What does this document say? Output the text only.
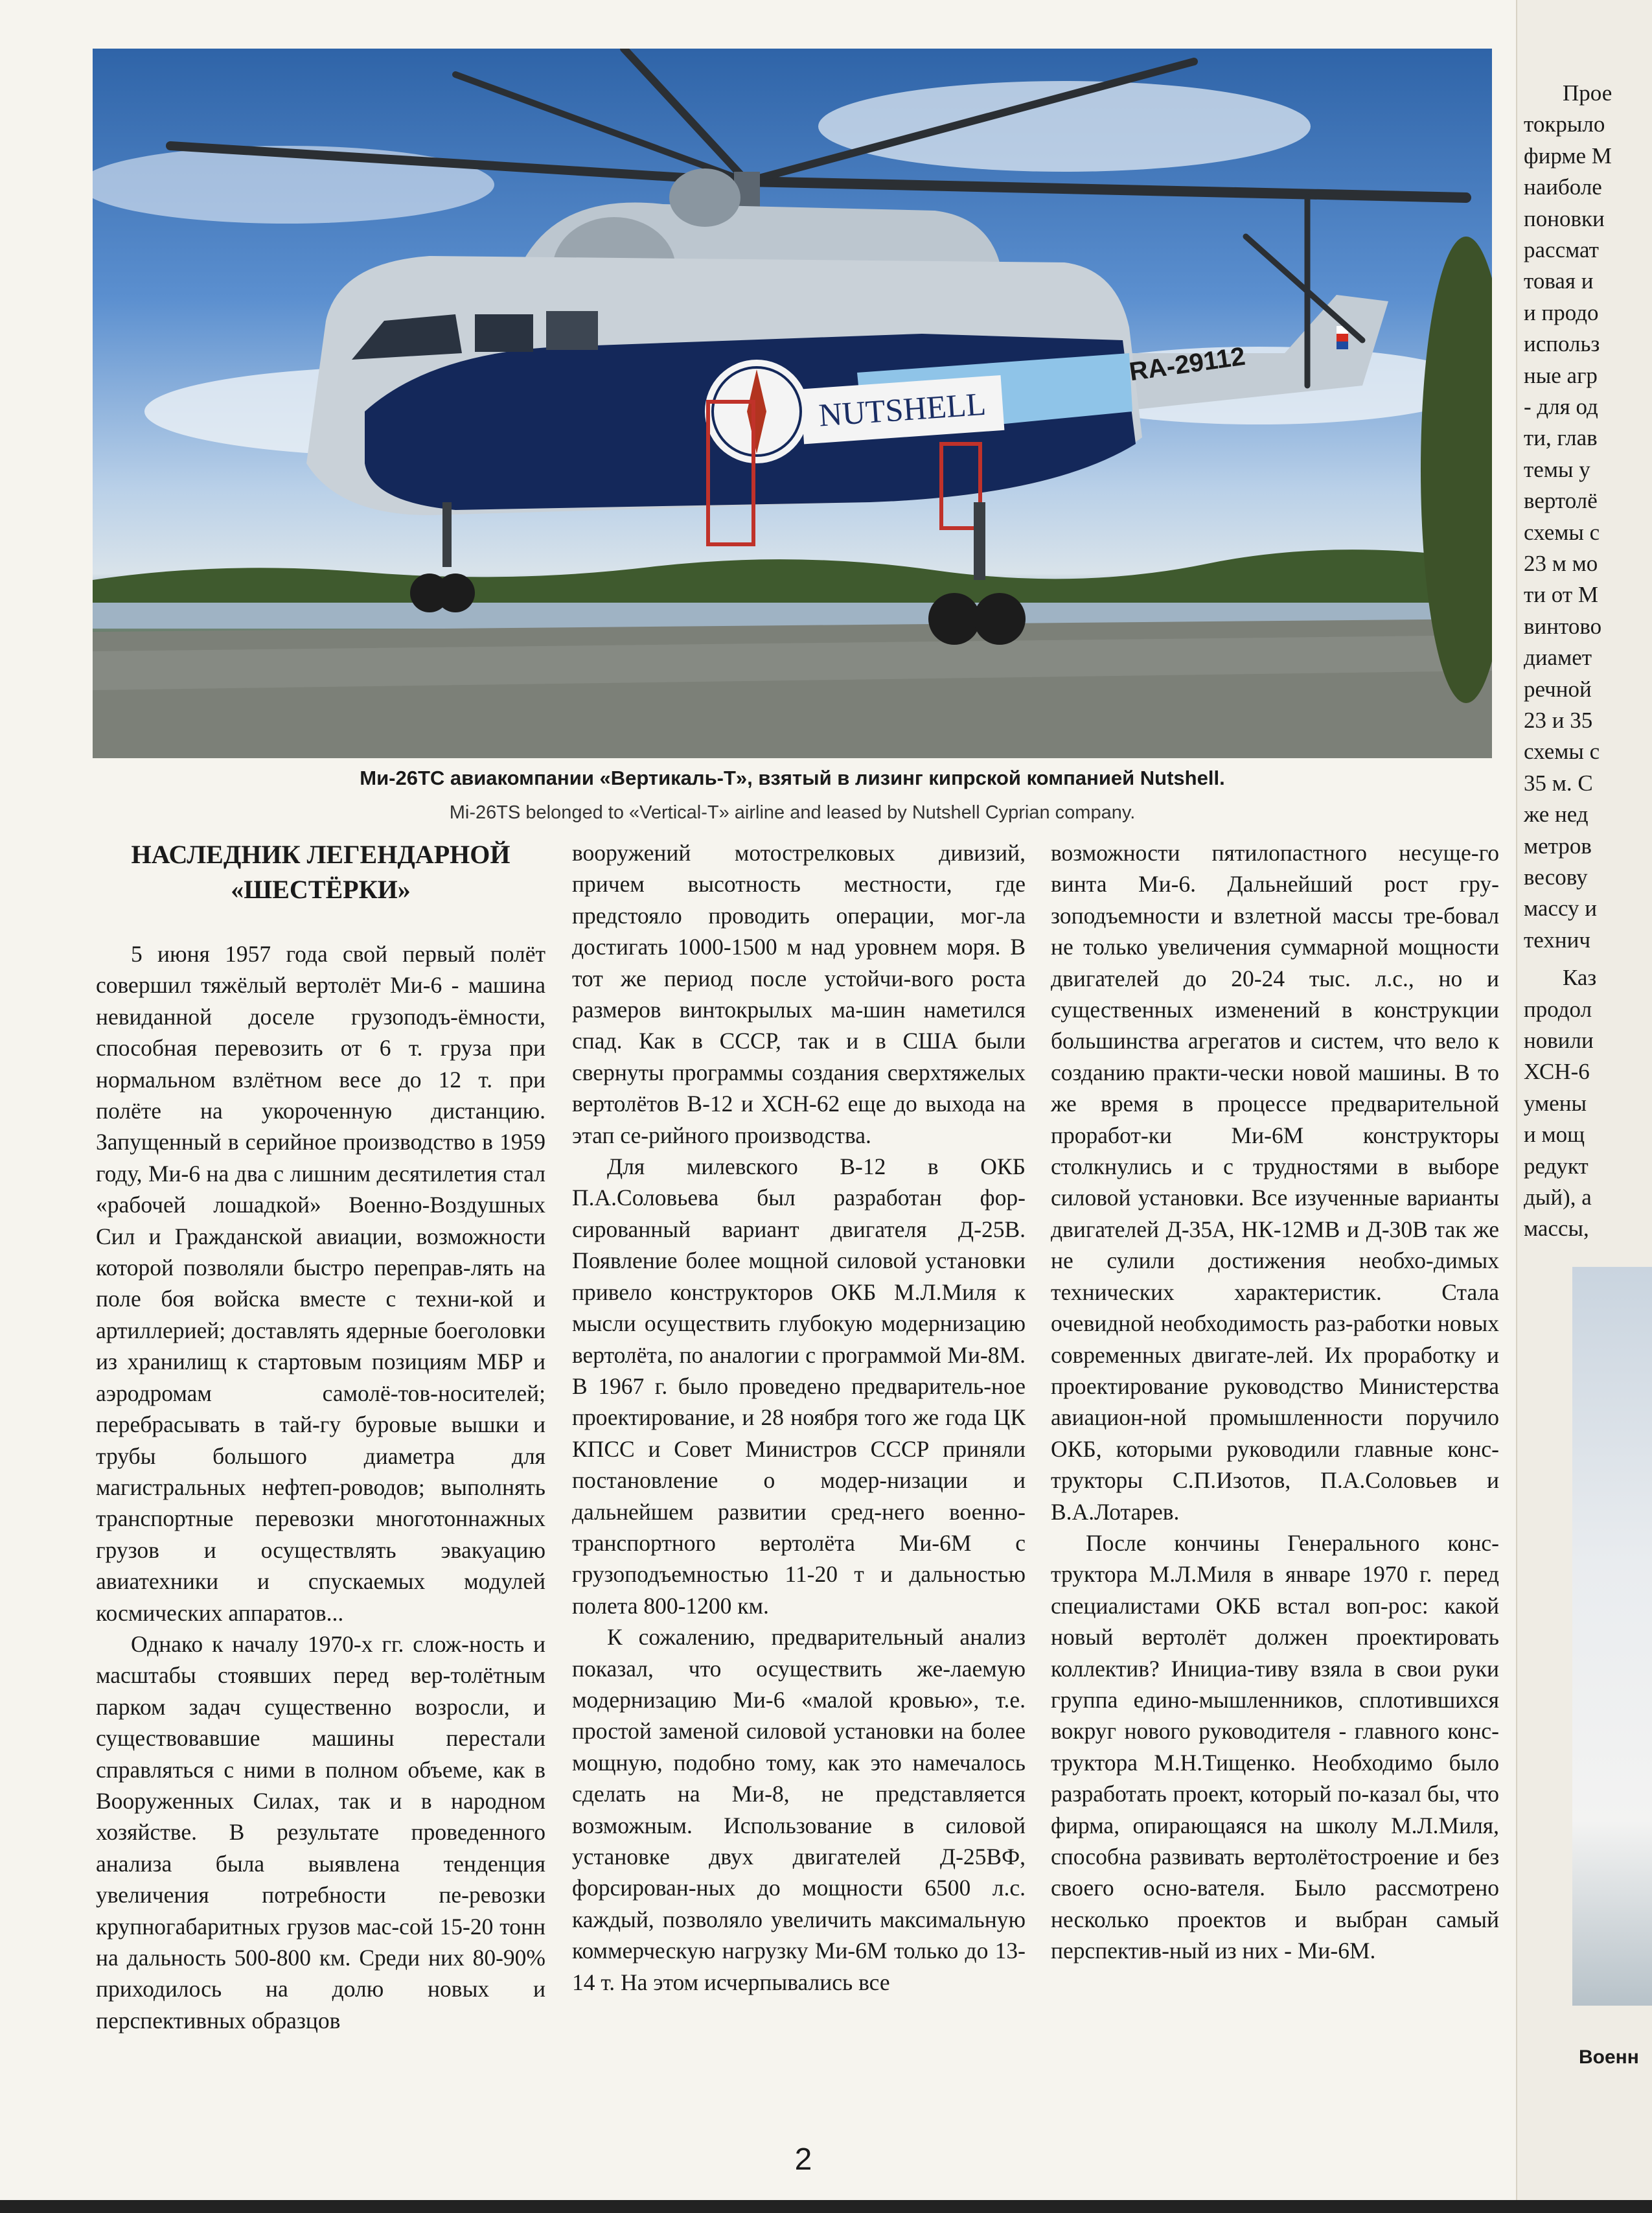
NUTSHELL
RA-29112
Ми-26ТС авиакомпании «Вертикаль-Т», взятый в лизинг кипрской компанией Nutshell.
Mi-26TS belonged to «Vertical-T» airline and leased by Nutshell Cyprian company.
НАСЛЕДНИК ЛЕГЕНДАРНОЙ
«ШЕСТЁРКИ»

5 июня 1957 года свой первый полёт совершил тяжёлый вертолёт Ми-6 - машина невиданной доселе грузоподъ-ёмности, способная перевозить от 6 т. груза при нормальном взлётном весе до 12 т. при полёте на укороченную дистанцию. Запущенный в серийное производство в 1959 году, Ми-6 на два с лишним десятилетия стал «рабочей лошадкой» Военно-Воздушных Сил и Гражданской авиации, возможности которой позволяли быстро перепрaв-лять на поле боя войска вместе с техни-кой и артиллерией; доставлять ядерные боеголовки из хранилищ к стартовым позициям МБР и аэродромам самолё-тов-носителей; перебрасывать в тай-гу буровые вышки и трубы большого диаметра для магистральных нефтеп-роводов; выполнять транспортные перевозки многотоннажных грузов и осуществлять эвакуацию авиатехники и спускаемых модулей космических аппаратов...

Однако к началу 1970-х гг. слож-ность и масштабы стоявших перед вер-толётным парком задач существенно возросли, и существовавшие машины перестали справляться с ними в полном объеме, как в Вооруженных Силах, так и в народном хозяйстве. В результате проведенного анализа была выявлена тенденция увеличения потребности пе-ревозки крупногабаритных грузов мас-сой 15-20 тонн на дальность 500-800 км. Среди них 80-90% приходилось на долю новых и перспективных образцов

вооружений мотострелковых дивизий, причем высотность местности, где предстояло проводить операции, мог-ла достигать 1000-1500 м над уровнем моря. В тот же период после устойчи-вого роста размеров винтокрылых ма-шин наметился спад. Как в СССР, так и в США были свернуты программы создания сверхтяжелых вертолётов В-12 и ХСН-62 еще до выхода на этап се-рийного производства.

Для милевского В-12 в ОКБ П.А.Соловьева был разработан фор-сированный вариант двигателя Д-25В. Появление более мощной силовой установки привело конструкторов ОКБ М.Л.Миля к мысли осуществить глубокую модернизацию вертолёта, по аналогии с программой Ми-8М. В 1967 г. было проведено предваритель-ное проектирование, и 28 ноября того же года ЦК КПСС и Совет Министров СССР приняли постановление о модер-низации и дальнейшем развитии сред-него военно-транспортного вертолёта Ми-6М с грузоподъемностью 11-20 т и дальностью полета 800-1200 км.

К сожалению, предварительный анализ показал, что осуществить же-лаемую модернизацию Ми-6 «малой кровью», т.е. простой заменой силовой установки на более мощную, подобно тому, как это намечалось сделать на Ми-8, не представляется возможным. Использование в силовой установке двух двигателей Д-25ВФ, форсирован-ных до мощности 6500 л.с. каждый, позволяло увеличить максимальную коммерческую нагрузку Ми-6М только до 13-14 т. На этом исчерпывались все

возможности пятилопастного несуще-го винта Ми-6. Дальнейший рост гру-зоподъемности и взлетной массы тре-бовал не только увеличения суммарной мощности двигателей до 20-24 тыс. л.с., но и существенных изменений в конструкции большинства агрегатов и систем, что вело к созданию практи-чески новой машины. В то же время в процессе предварительной проработ-ки Ми-6М конструкторы столкнулись и с трудностями в выборе силовой установки. Все изученные варианты двигателей Д-35А, НК-12МВ и Д-30В так же не сулили достижения необхо-димых технических характеристик. Стала очевидной необходимость раз-работки новых современных двигате-лей. Их проработку и проектирование руководство Министерства авиацион-ной промышленности поручило ОКБ, которыми руководили главные конс-трукторы С.П.Изотов, П.А.Соловьев и В.А.Лотарев.

После кончины Генерального конс-труктора М.Л.Миля в январе 1970 г. перед специалистами ОКБ встал воп-рос: какой новый вертолёт должен проектировать коллектив? Инициа-тиву взяла в свои руки группа едино-мышленников, сплотившихся вокруг нового руководителя - главного конс-труктора М.Н.Тищенко. Необходимо было разработать проект, который по-казал бы, что фирма, опирающаяся на школу М.Л.Миля, способна развивать вертолётостроение и без своего осно-вателя. Было рассмотрено несколько проектов и выбран самый перспектив-ный из них - Ми-6М.

2
Прое
токрыло
фирме М
наиболе
поновки
рассмат
товая и
и продо
использ
ные агр
- для од
ти, глав
темы у
вертолё
схемы с
23 м мо
ти от М
винтово
диамет
речной
23 и 35
схемы с
35 м. С
же нед
метров
весову
массу и
технич
Каз
продол
новили
ХСН-6
умены
и мощ
редукт
дый), а
массы,
Военн
